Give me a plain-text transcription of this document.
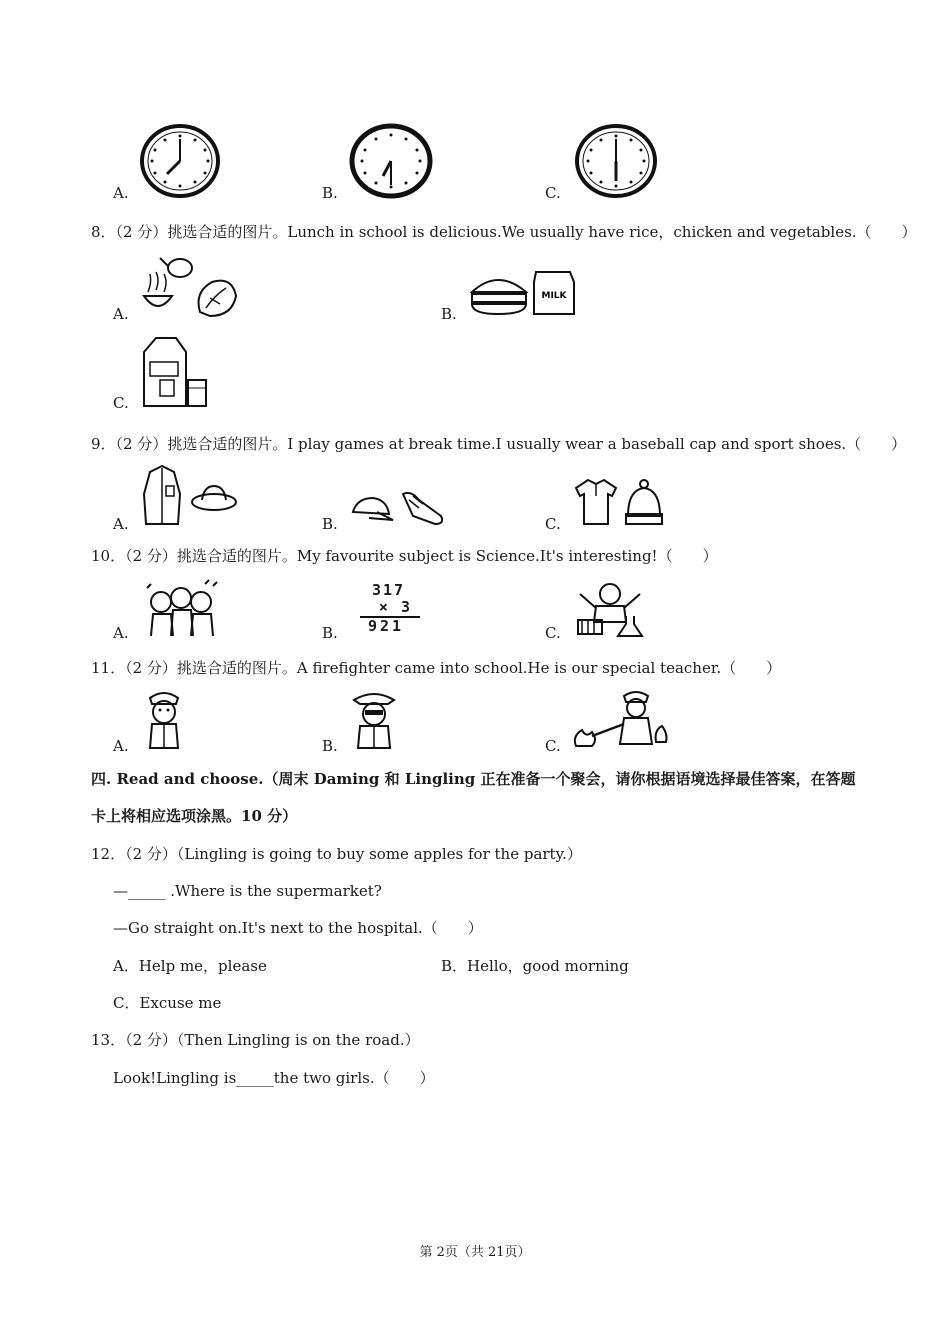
A.	B.	C.
8．（2 分）挑选合适的图片。Lunch in school is delicious.We usually have rice，chicken and vegetables.（　　）
A.	B.
MILK
C.
9．（2 分）挑选合适的图片。I play games at break time.I usually wear a baseball cap and sport shoes.（　　）
A.	B.	C.
10．（2 分）挑选合适的图片。My favourite subject is Science.It's interesting!（　　）
A.	B.
317
× 3
921	C.
11．（2 分）挑选合适的图片。A firefighter came into school.He is our special teacher.（　　）
A.	B.	C.
四. Read and choose.（周末 Daming 和 Lingling 正在准备一个聚会，请你根据语境选择最佳答案，在答题
卡上将相应选项涂黑。10 分）
12．（2 分）（Lingling is going to buy some apples for the party.）
—_____ .Where is the supermarket?
—Go straight on.It's next to the hospital.（　　）
A．Help me，please	B．Hello，good morning
C．Excuse me
13．（2 分）（Then Lingling is on the road.）
Look!Lingling is_____the two girls.（　　）
第 2页（共 21页）
